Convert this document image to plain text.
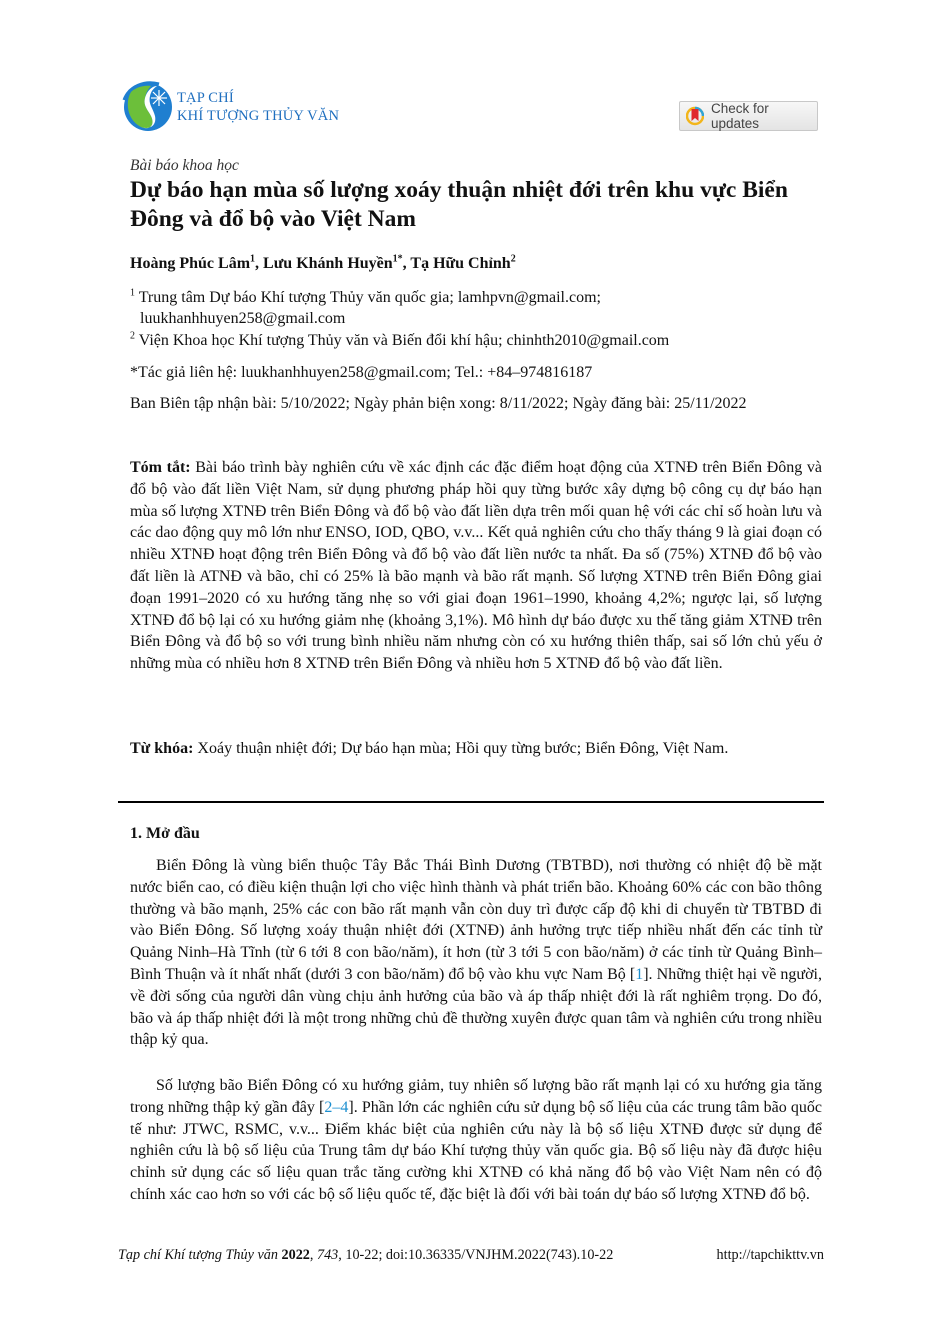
TẠP CHÍ
KHÍ TƯỢNG THỦY VĂN	Check for updates
Bài báo khoa học
Dự báo hạn mùa số lượng xoáy thuận nhiệt đới trên khu vực Biển Đông và đổ bộ vào Việt Nam
Hoàng Phúc Lâm$^1$, Lưu Khánh Huyền$^{1*}$, Tạ Hữu Chỉnh$^2$
$^1$ Trung tâm Dự báo Khí tượng Thủy văn quốc gia; lamhpvn@gmail.com;
luukhanhhuyen258@gmail.com
$^2$ Viện Khoa học Khí tượng Thủy văn và Biến đổi khí hậu; chinhth2010@gmail.com
*Tác giả liên hệ: luukhanhhuyen258@gmail.com; Tel.: +84–974816187
Ban Biên tập nhận bài: 5/10/2022; Ngày phản biện xong: 8/11/2022; Ngày đăng bài: 25/11/2022
Tóm tắt: Bài báo trình bày nghiên cứu về xác định các đặc điểm hoạt động của XTNĐ trên Biển Đông và đổ bộ vào đất liền Việt Nam, sử dụng phương pháp hồi quy từng bước xây dựng bộ công cụ dự báo hạn mùa số lượng XTNĐ trên Biển Đông và đổ bộ vào đất liền dựa trên mối quan hệ với các chỉ số hoàn lưu và các dao động quy mô lớn như ENSO, IOD, QBO, v.v... Kết quả nghiên cứu cho thấy tháng 9 là giai đoạn có nhiều XTNĐ hoạt động trên Biển Đông và đổ bộ vào đất liền nước ta nhất. Đa số (75%) XTNĐ đổ bộ vào đất liền là ATNĐ và bão, chỉ có 25% là bão mạnh và bão rất mạnh. Số lượng XTNĐ trên Biển Đông giai đoạn 1991–2020 có xu hướng tăng nhẹ so với giai đoạn 1961–1990, khoảng 4,2%; ngược lại, số lượng XTNĐ đổ bộ lại có xu hướng giảm nhẹ (khoảng 3,1%). Mô hình dự báo được xu thế tăng giảm XTNĐ trên Biển Đông và đổ bộ so với trung bình nhiều năm nhưng còn có xu hướng thiên thấp, sai số lớn chủ yếu ở những mùa có nhiều hơn 8 XTNĐ trên Biển Đông và nhiều hơn 5 XTNĐ đổ bộ vào đất liền.
Từ khóa: Xoáy thuận nhiệt đới; Dự báo hạn mùa; Hồi quy từng bước; Biển Đông, Việt Nam.
1. Mở đầu
Biển Đông là vùng biển thuộc Tây Bắc Thái Bình Dương (TBTBD), nơi thường có nhiệt độ bề mặt nước biển cao, có điều kiện thuận lợi cho việc hình thành và phát triển bão. Khoảng 60% các con bão thông thường và bão mạnh, 25% các con bão rất mạnh vẫn còn duy trì được cấp độ khi di chuyển từ TBTBD đi vào Biển Đông. Số lượng xoáy thuận nhiệt đới (XTNĐ) ảnh hưởng trực tiếp nhiều nhất đến các tỉnh từ Quảng Ninh–Hà Tĩnh (từ 6 tới 8 con bão/năm), ít hơn (từ 3 tới 5 con bão/năm) ở các tỉnh từ Quảng Bình–Bình Thuận và ít nhất nhất (dưới 3 con bão/năm) đổ bộ vào khu vực Nam Bộ [1]. Những thiệt hại về người, về đời sống của người dân vùng chịu ảnh hưởng của bão và áp thấp nhiệt đới là rất nghiêm trọng. Do đó, bão và áp thấp nhiệt đới là một trong những chủ đề thường xuyên được quan tâm và nghiên cứu trong nhiều thập kỷ qua.
Số lượng bão Biển Đông có xu hướng giảm, tuy nhiên số lượng bão rất mạnh lại có xu hướng gia tăng trong những thập kỷ gần đây [2–4]. Phần lớn các nghiên cứu sử dụng bộ số liệu của các trung tâm bão quốc tế như: JTWC, RSMC, v.v... Điểm khác biệt của nghiên cứu này là bộ số liệu XTNĐ được sử dụng để nghiên cứu là bộ số liệu của Trung tâm dự báo Khí tượng thủy văn quốc gia. Bộ số liệu này đã được hiệu chỉnh sử dụng các số liệu quan trắc tăng cường khi XTNĐ có khả năng đổ bộ vào Việt Nam nên có độ chính xác cao hơn so với các bộ số liệu quốc tế, đặc biệt là đối với bài toán dự báo số lượng XTNĐ đổ bộ.
Tạp chí Khí tượng Thủy văn 2022, 743, 10-22; doi:10.36335/VNJHM.2022(743).10-22	http://tapchikttv.vn
